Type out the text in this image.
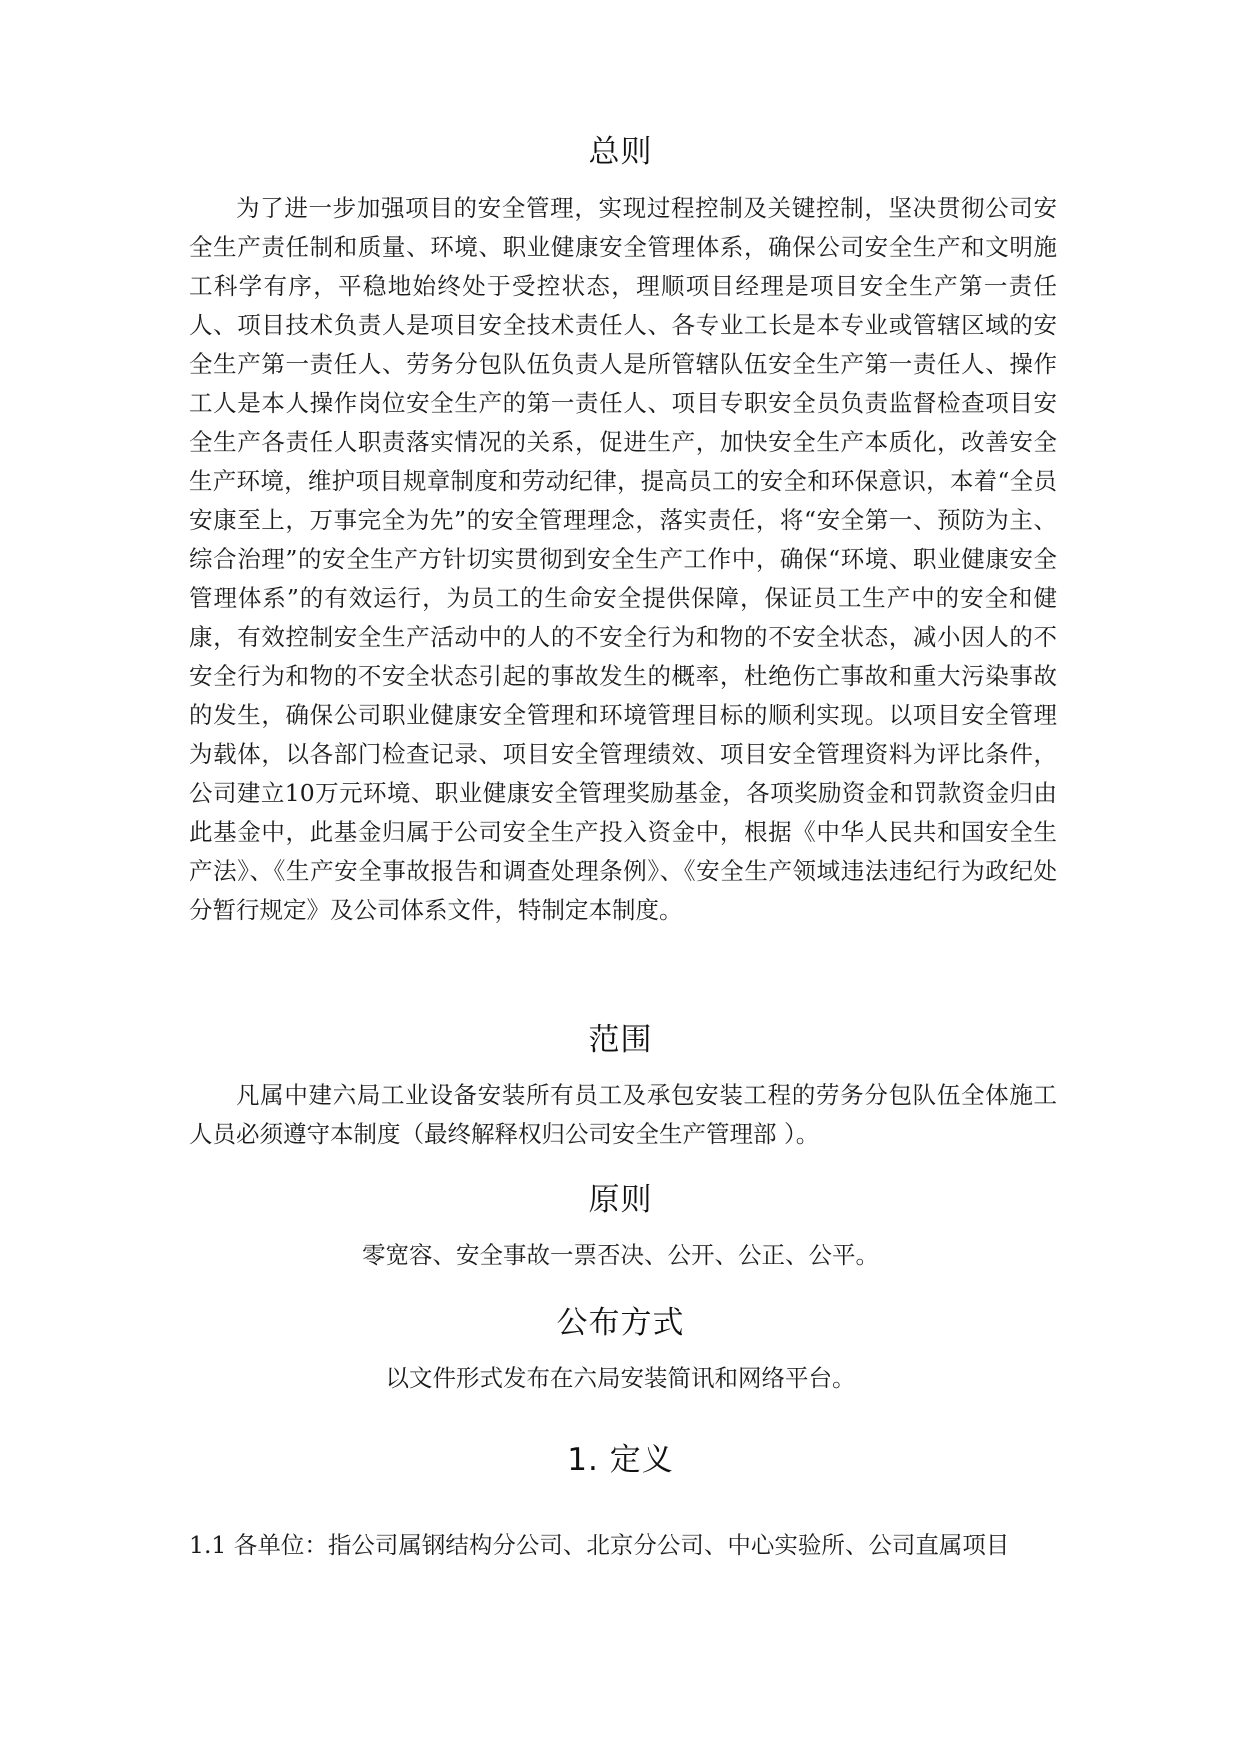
总则

为了进一步加强项目的安全管理，实现过程控制及关键控制，坚决贯彻公司安全生产责任制和质量、环境、职业健康安全管理体系，确保公司安全生产和文明施工科学有序，平稳地始终处于受控状态，理顺项目经理是项目安全生产第一责任人、项目技术负责人是项目安全技术责任人、各专业工长是本专业或管辖区域的安全生产第一责任人、劳务分包队伍负责人是所管辖队伍安全生产第一责任人、操作工人是本人操作岗位安全生产的第一责任人、项目专职安全员负责监督检查项目安全生产各责任人职责落实情况的关系，促进生产，加快安全生产本质化，改善安全生产环境，维护项目规章制度和劳动纪律，提高员工的安全和环保意识，本着“全员安康至上，万事完全为先”的安全管理理念，落实责任，将“安全第一、预防为主、综合治理”的安全生产方针切实贯彻到安全生产工作中，确保“环境、职业健康安全管理体系”的有效运行，为员工的生命安全提供保障，保证员工生产中的安全和健康，有效控制安全生产活动中的人的不安全行为和物的不安全状态，减小因人的不安全行为和物的不安全状态引起的事故发生的概率，杜绝伤亡事故和重大污染事故的发生，确保公司职业健康安全管理和环境管理目标的顺利实现。以项目安全管理为载体，以各部门检查记录、项目安全管理绩效、项目安全管理资料为评比条件，公司建立10万元环境、职业健康安全管理奖励基金，各项奖励资金和罚款资金归由此基金中，此基金归属于公司安全生产投入资金中，根据《中华人民共和国安全生产法》、《生产安全事故报告和调查处理条例》、《安全生产领域违法违纪行为政纪处分暂行规定》及公司体系文件，特制定本制度。

范围

凡属中建六局工业设备安装所有员工及承包安装工程的劳务分包队伍全体施工人员必须遵守本制度（最终解释权归公司安全生产管理部 ）。

原则

零宽容、安全事故一票否决、公开、公正、公平。

公布方式

以文件形式发布在六局安装简讯和网络平台。

1. 定义

1.1 各单位：指公司属钢结构分公司、北京分公司、中心实验所、公司直属项目
